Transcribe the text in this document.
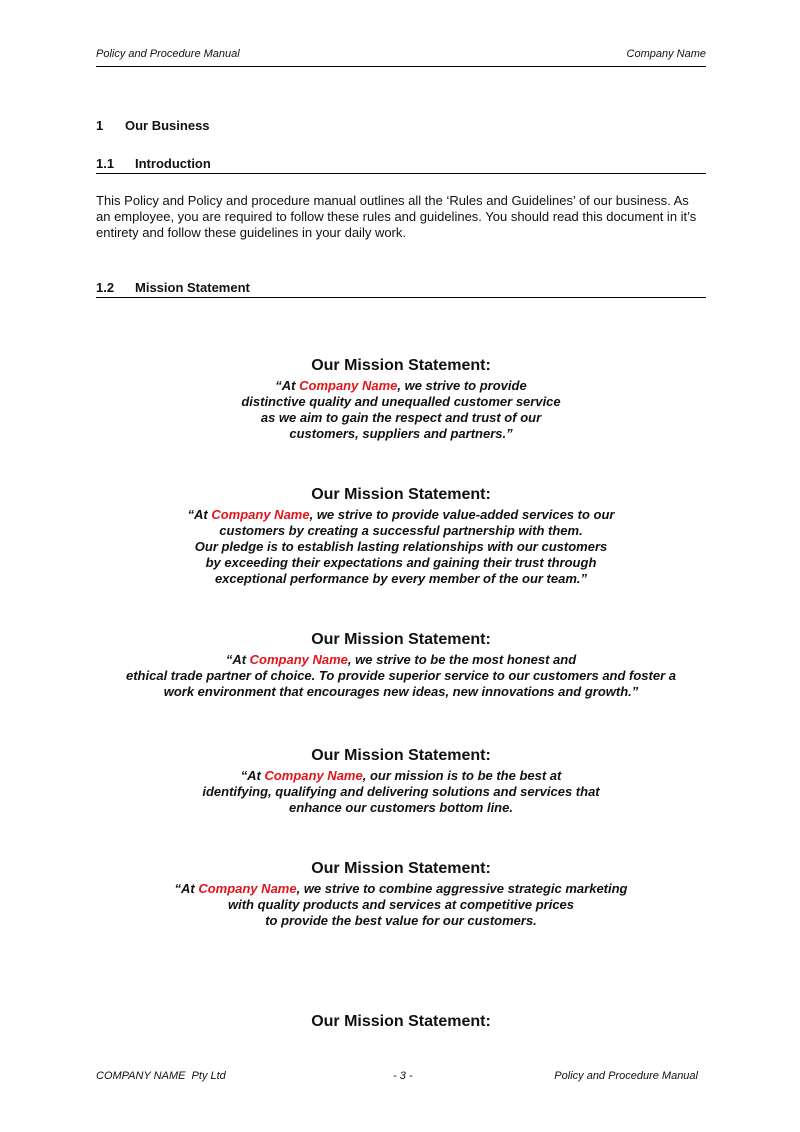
Policy and Procedure Manual	Company Name
1 Our Business
1.1 Introduction
This Policy and Policy and procedure manual outlines all the ‘Rules and Guidelines’ of our business. As an employee, you are required to follow these rules and guidelines. You should read this document in it’s entirety and follow these guidelines in your daily work.
1.2 Mission Statement
Our Mission Statement:
“At Company Name, we strive to provide
distinctive quality and unequalled customer service
as we aim to gain the respect and trust of our
customers, suppliers and partners.”
Our Mission Statement:
“At Company Name, we strive to provide value-added services to our
customers by creating a successful partnership with them.
Our pledge is to establish lasting relationships with our customers
by exceeding their expectations and gaining their trust through
exceptional performance by every member of the our team.”
Our Mission Statement:
“At Company Name, we strive to be the most honest and
ethical trade partner of choice. To provide superior service to our customers and foster a
work environment that encourages new ideas, new innovations and growth.”
Our Mission Statement:
“At Company Name, our mission is to be the best at
identifying, qualifying and delivering solutions and services that
enhance our customers bottom line.
Our Mission Statement:
“At Company Name, we strive to combine aggressive strategic marketing
with quality products and services at competitive prices
to provide the best value for our customers.
Our Mission Statement:
COMPANY NAME  Pty Ltd	- 3 -	Policy and Procedure Manual
